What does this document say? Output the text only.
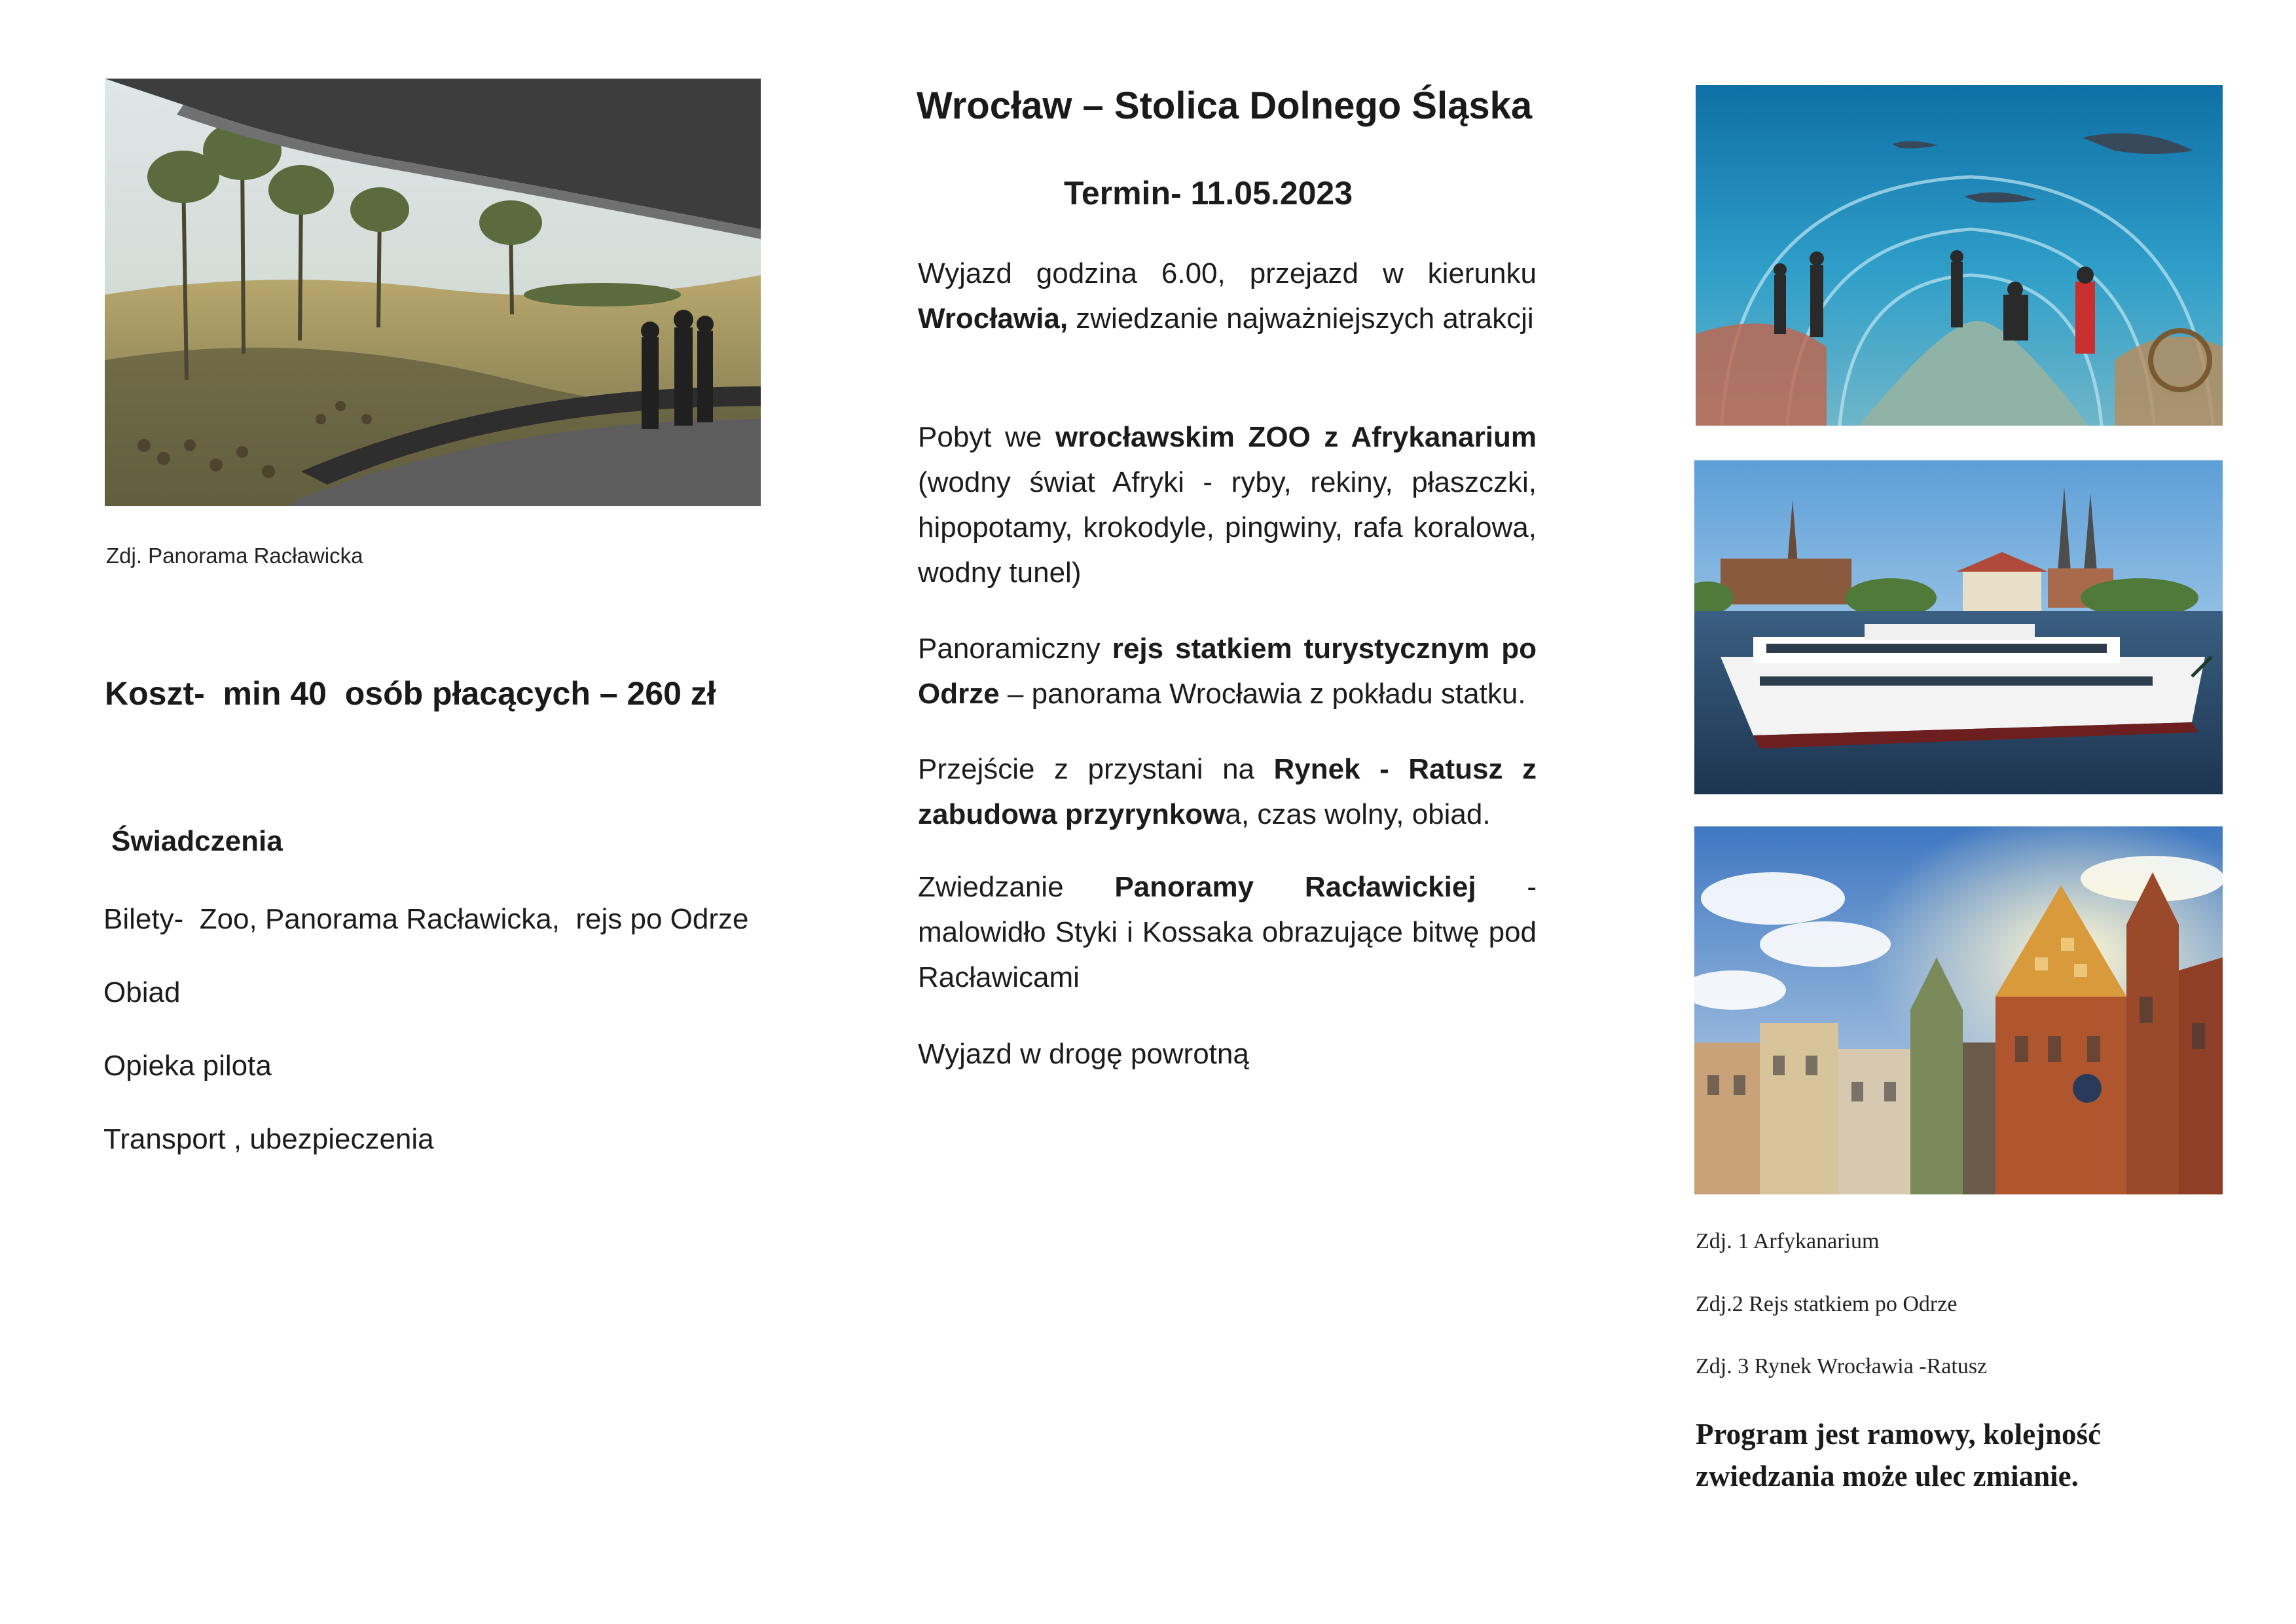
Zdj. Panorama Racławicka
Koszt-  min 40  osób płacących – 260 zł
Świadczenia
Bilety-  Zoo, Panorama Racławicka,  rejs po Odrze
Obiad
Opieka pilota
Transport , ubezpieczenia
Wrocław – Stolica Dolnego Śląska
Termin- 11.05.2023
Wyjazd godzina 6.00, przejazd w kierunku Wrocławia, zwiedzanie najważniejszych atrakcji
Pobyt we wrocławskim ZOO z Afrykanarium (wodny świat Afryki - ryby, rekiny, płaszczki, hipopotamy, krokodyle, pingwiny, rafa koralowa, wodny tunel)
Panoramiczny rejs statkiem turystycznym po Odrze – panorama Wrocławia z pokładu statku.
Przejście z przystani na Rynek - Ratusz z zabudowa przyrynkowa, czas wolny, obiad.
Zwiedzanie Panoramy Racławickiej - malowidło Styki i Kossaka obrazujące bitwę pod Racławicami
Wyjazd w drogę powrotną
Zdj. 1 Arfykanarium
Zdj.2 Rejs statkiem po Odrze
Zdj. 3 Rynek Wrocławia -Ratusz
Program jest ramowy, kolejność zwiedzania może ulec zmianie.
